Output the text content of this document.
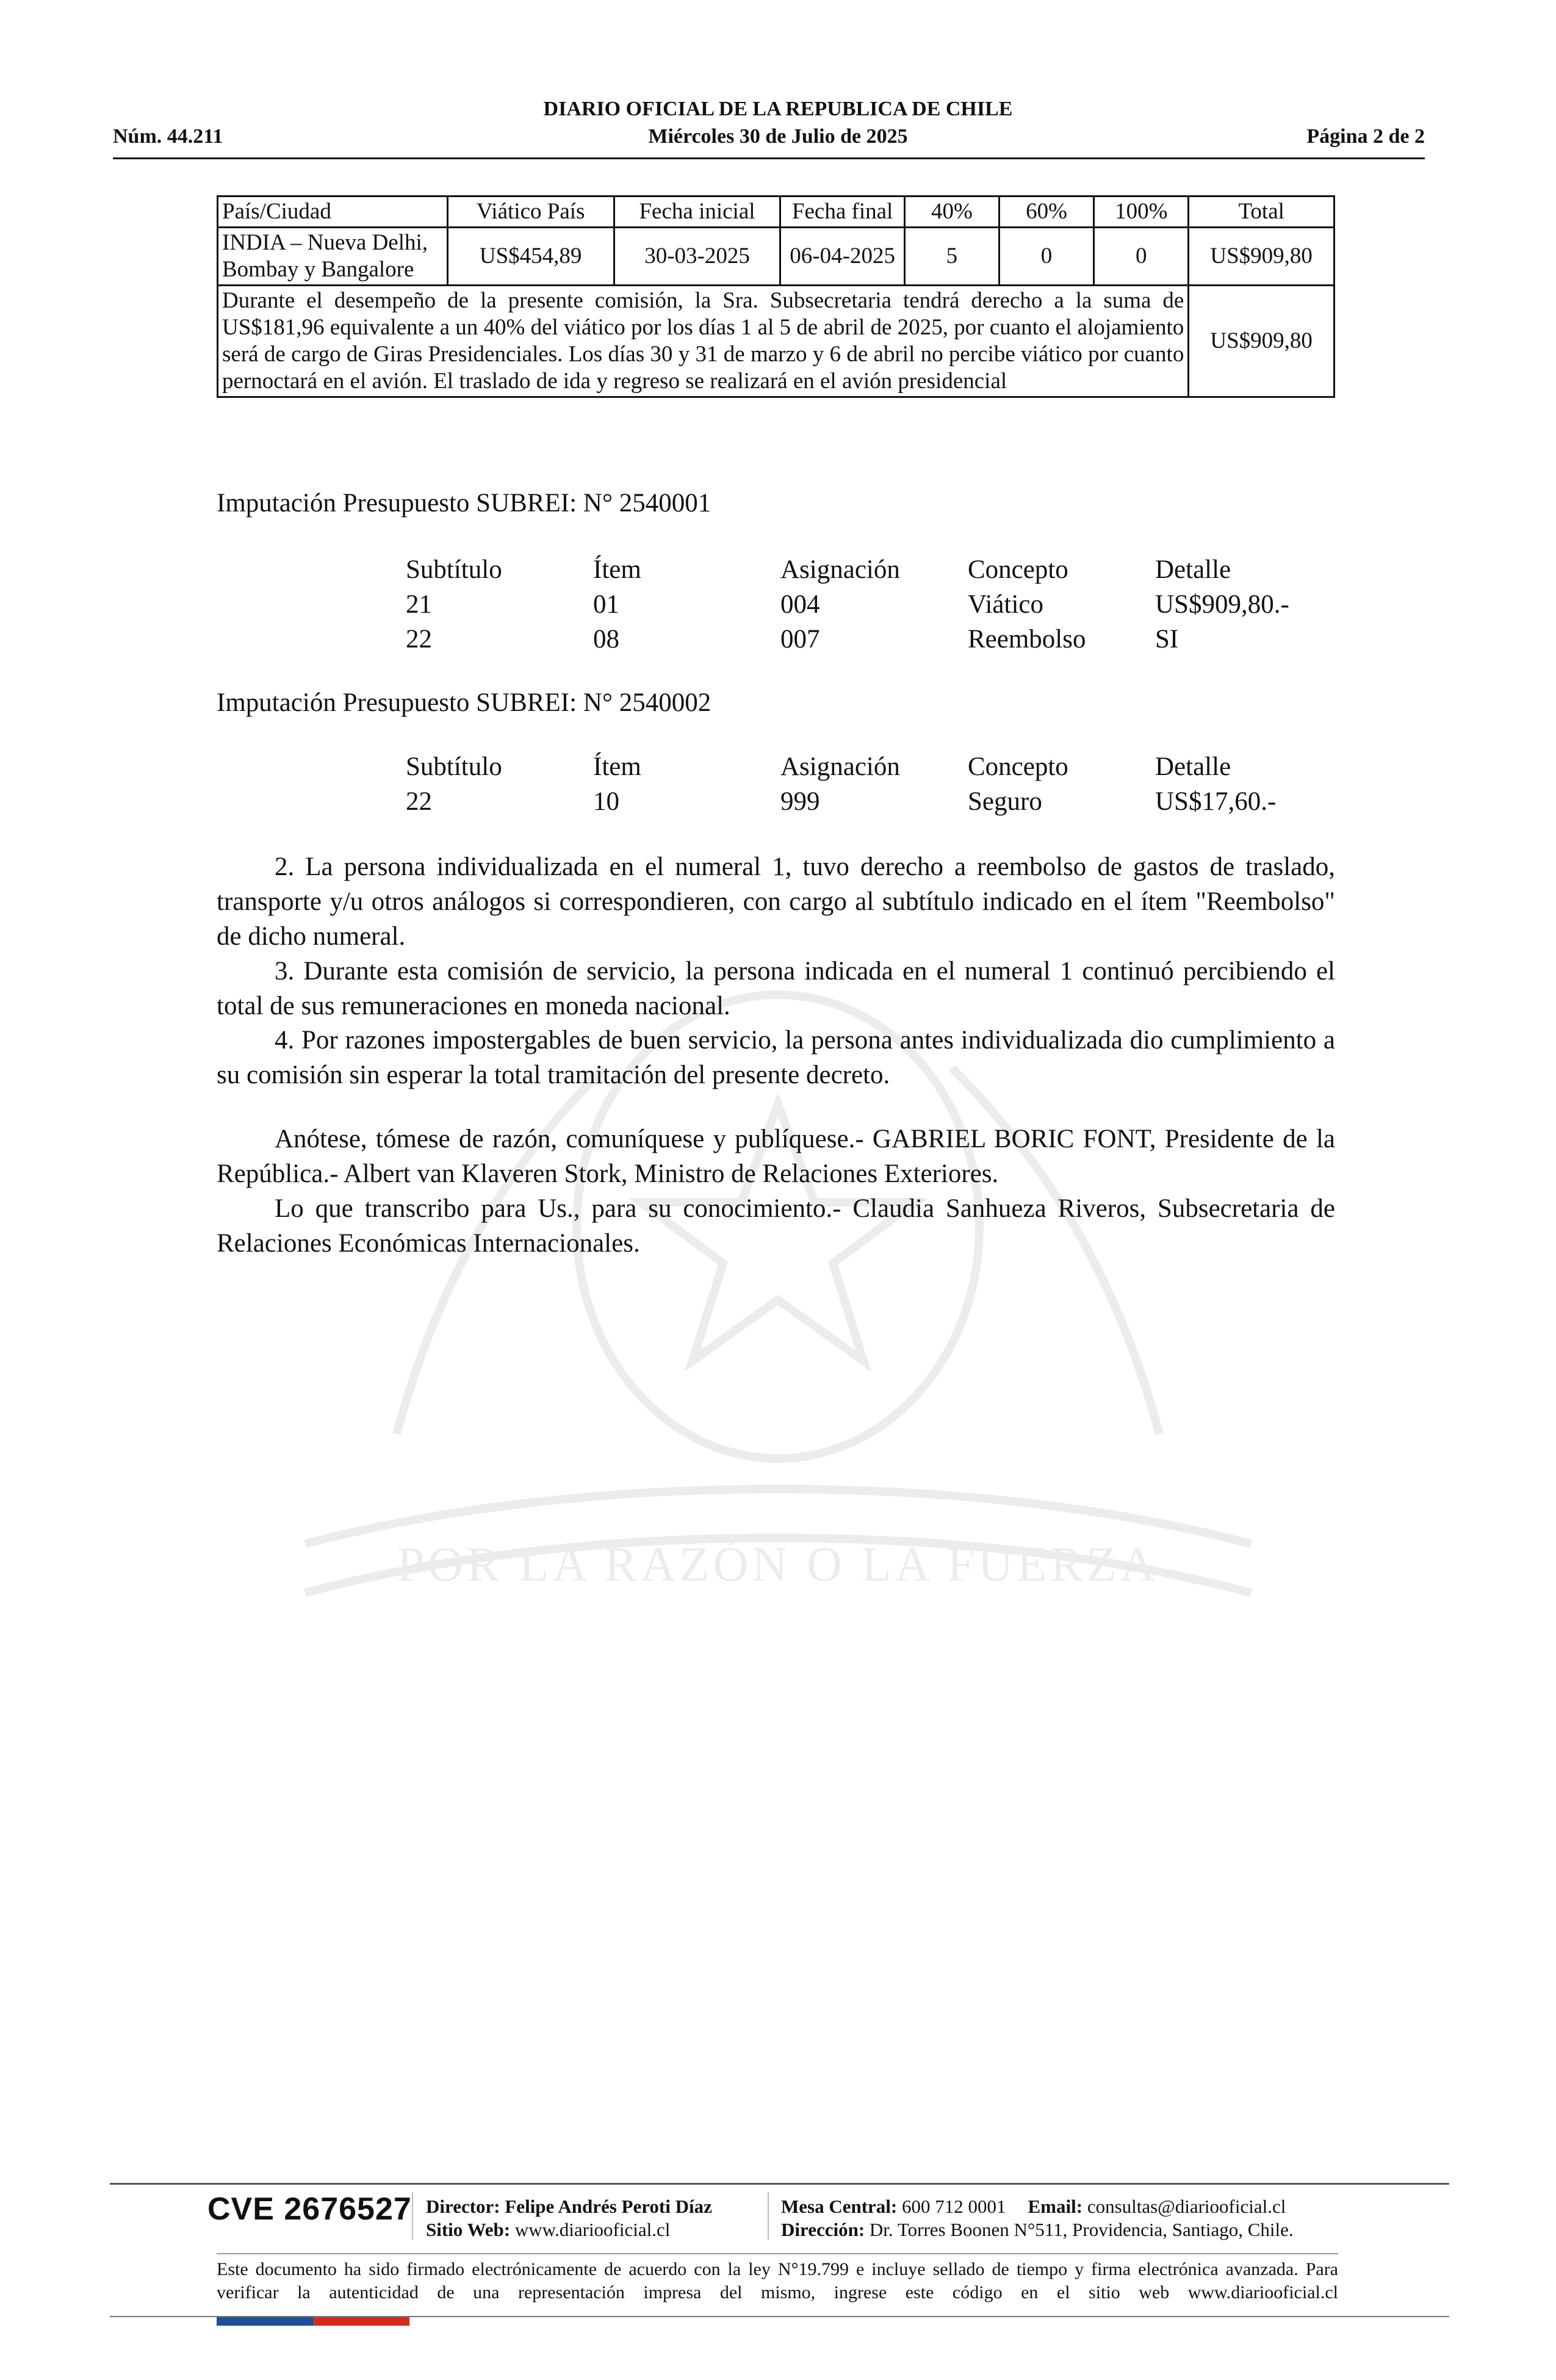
POR LA RAZÓN O LA FUERZA
DIARIO OFICIAL DE LA REPUBLICA DE CHILE
Núm. 44.211	Miércoles 30 de Julio de 2025	Página 2 de 2
País/Ciudad	Viático País	Fecha inicial	Fecha final	40%	60%	100%	Total
INDIA – Nueva Delhi, Bombay y Bangalore	US$454,89	30-03-2025	06-04-2025	5	0	0	US$909,80
Durante el desempeño de la presente comisión, la Sra. Subsecretaria tendrá derecho a la suma de US$181,96 equivalente a un 40% del viático por los días 1 al 5 de abril de 2025, por cuanto el alojamiento será de cargo de Giras Presidenciales. Los días 30 y 31 de marzo y 6 de abril no percibe viático por cuanto pernoctará en el avión. El traslado de ida y regreso se realizará en el avión presidencial							US$909,80
Imputación Presupuesto SUBREI: N° 2540001
Subtítulo	Ítem	Asignación	Concepto	Detalle
21	01	004	Viático	US$909,80.-
22	08	007	Reembolso	SI
Imputación Presupuesto SUBREI: N° 2540002
Subtítulo	Ítem	Asignación	Concepto	Detalle
22	10	999	Seguro	US$17,60.-
2. La persona individualizada en el numeral 1, tuvo derecho a reembolso de gastos de traslado, transporte y/u otros análogos si correspondieren, con cargo al subtítulo indicado en el ítem "Reembolso" de dicho numeral.
3. Durante esta comisión de servicio, la persona indicada en el numeral 1 continuó percibiendo el total de sus remuneraciones en moneda nacional.
4. Por razones impostergables de buen servicio, la persona antes individualizada dio cumplimiento a su comisión sin esperar la total tramitación del presente decreto.
Anótese, tómese de razón, comuníquese y publíquese.- GABRIEL BORIC FONT, Presidente de la República.- Albert van Klaveren Stork, Ministro de Relaciones Exteriores.
Lo que transcribo para Us., para su conocimiento.- Claudia Sanhueza Riveros, Subsecretaria de Relaciones Económicas Internacionales.
CVE 2676527 Director: Felipe Andrés Peroti Díaz
Sitio Web: www.diariooficial.cl
Mesa Central: 600 712 0001 Email: consultas@diariooficial.cl
Dirección: Dr. Torres Boonen N°511, Providencia, Santiago, Chile.
Este documento ha sido firmado electrónicamente de acuerdo con la ley N°19.799 e incluye sellado de tiempo y firma electrónica avanzada. Para verificar la autenticidad de una representación impresa del mismo, ingrese este código en el sitio web www.diariooficial.cl
